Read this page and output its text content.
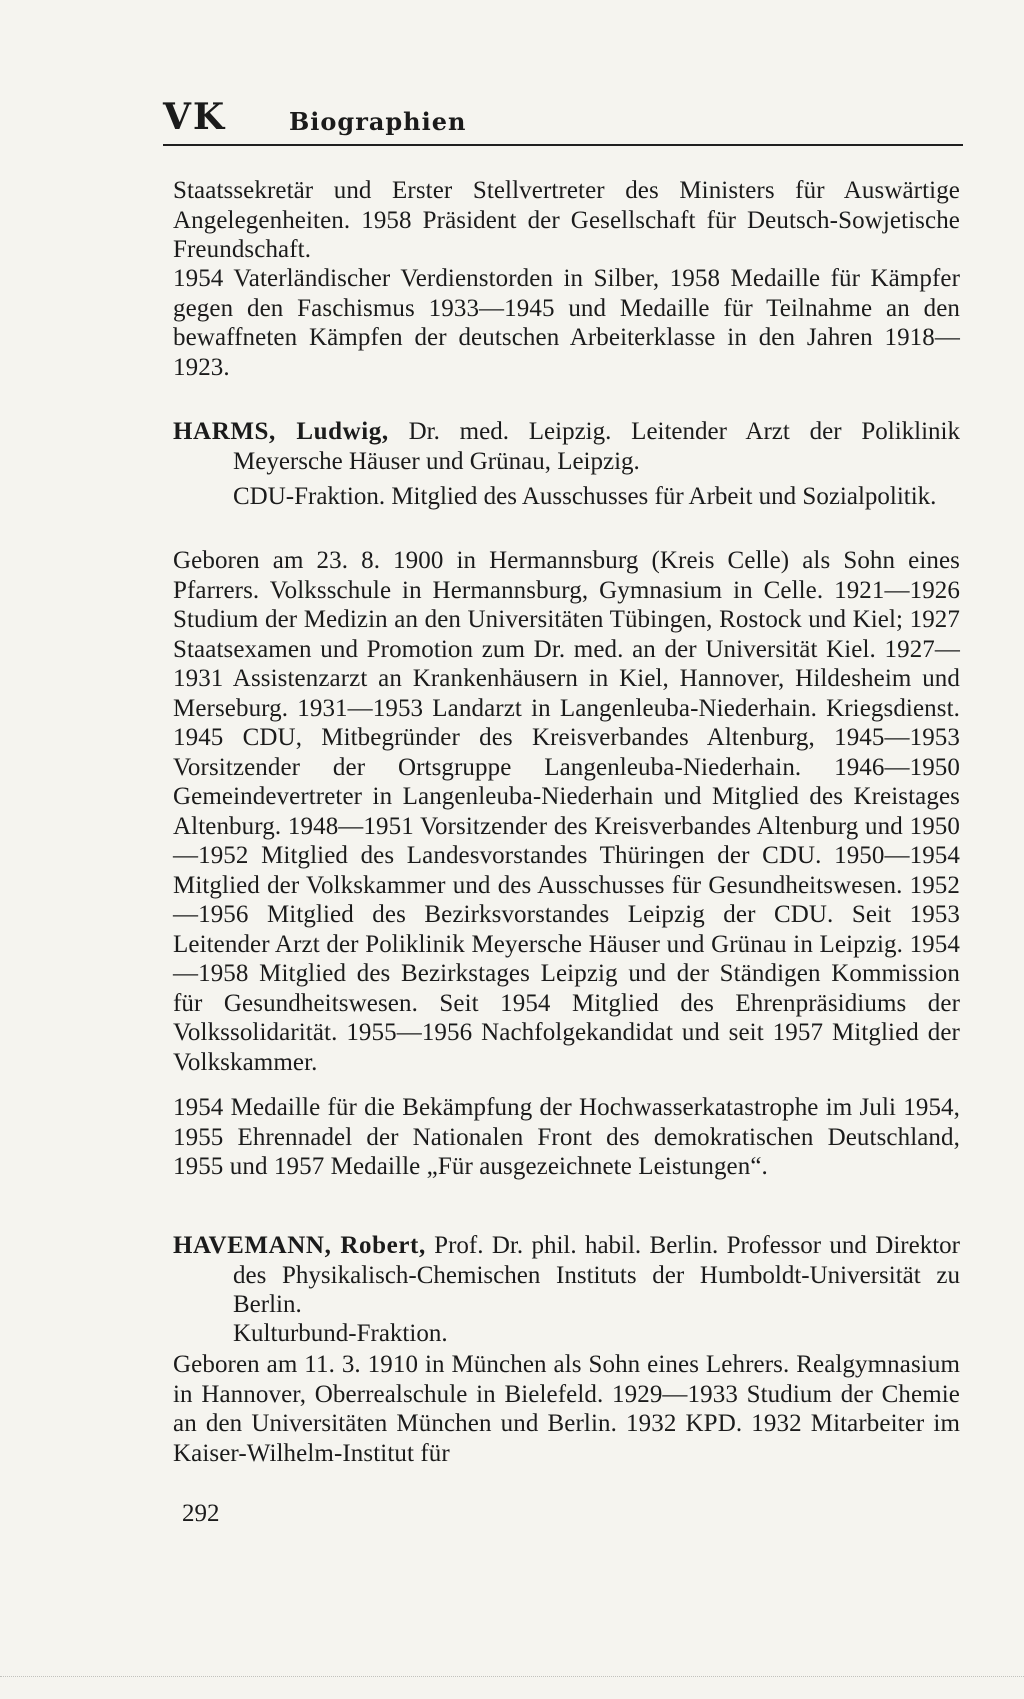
VK	Biographien

Staatssekretär und Erster Stellvertreter des Ministers für Auswärtige Angelegenheiten. 1958 Präsident der Gesellschaft für Deutsch-Sowjetische Freundschaft.

1954 Vaterländischer Verdienstorden in Silber, 1958 Medaille für Kämpfer gegen den Faschismus 1933—1945 und Medaille für Teilnahme an den bewaffneten Kämpfen der deutschen Arbeiterklasse in den Jahren 1918—1923.

HARMS, Ludwig, Dr. med. Leipzig. Leitender Arzt der Poliklinik Meyersche Häuser und Grünau, Leipzig.

CDU-Fraktion. Mitglied des Ausschusses für Arbeit und Sozialpolitik.

Geboren am 23. 8. 1900 in Hermannsburg (Kreis Celle) als Sohn eines Pfarrers. Volksschule in Hermannsburg, Gymnasium in Celle. 1921—1926 Studium der Medizin an den Universitäten Tübingen, Rostock und Kiel; 1927 Staatsexamen und Promotion zum Dr. med. an der Universität Kiel. 1927—1931 Assistenzarzt an Krankenhäusern in Kiel, Hannover, Hildesheim und Merseburg. 1931—1953 Landarzt in Langenleuba-Niederhain. Kriegsdienst. 1945 CDU, Mitbegründer des Kreisverbandes Altenburg, 1945—1953 Vorsitzender der Ortsgruppe Langenleuba-Niederhain. 1946—1950 Gemeindevertreter in Langenleuba-Niederhain und Mitglied des Kreistages Altenburg. 1948—1951 Vorsitzender des Kreisverbandes Altenburg und 1950—1952 Mitglied des Landesvorstandes Thüringen der CDU. 1950—1954 Mitglied der Volkskammer und des Ausschusses für Gesundheitswesen. 1952—1956 Mitglied des Bezirksvorstandes Leipzig der CDU. Seit 1953 Leitender Arzt der Poliklinik Meyersche Häuser und Grünau in Leipzig. 1954—1958 Mitglied des Bezirkstages Leipzig und der Ständigen Kommission für Gesundheitswesen. Seit 1954 Mitglied des Ehrenpräsidiums der Volkssolidarität. 1955—1956 Nachfolgekandidat und seit 1957 Mitglied der Volkskammer.

1954 Medaille für die Bekämpfung der Hochwasserkatastrophe im Juli 1954, 1955 Ehrennadel der Nationalen Front des demokratischen Deutschland, 1955 und 1957 Medaille „Für ausgezeichnete Leistungen“.

HAVEMANN, Robert, Prof. Dr. phil. habil. Berlin. Professor und Direktor des Physikalisch-Chemischen Instituts der Humboldt-Universität zu Berlin.

Kulturbund-Fraktion.

Geboren am 11. 3. 1910 in München als Sohn eines Lehrers. Realgymnasium in Hannover, Oberrealschule in Bielefeld. 1929—1933 Studium der Chemie an den Universitäten München und Berlin. 1932 KPD. 1932 Mitarbeiter im Kaiser-Wilhelm-Institut für

292
